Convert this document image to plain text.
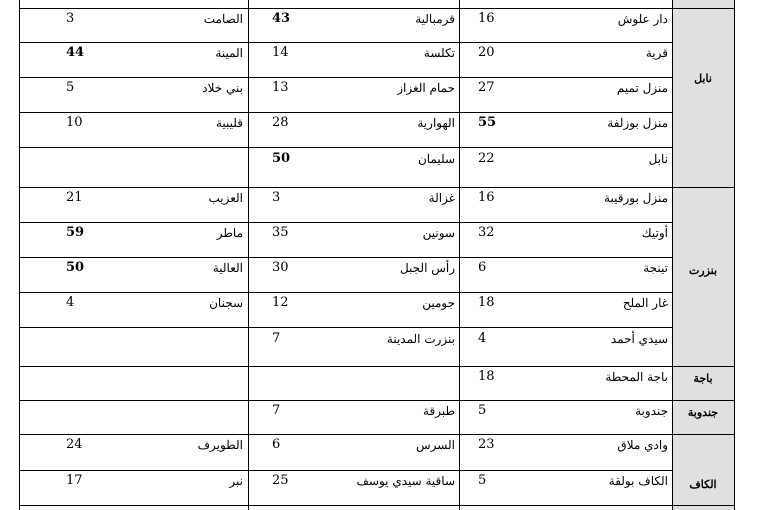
نابل
بنزرت
باجة
جندوبة
الكاف
دار علوش
16
قرمبالية
43
الصامت
3
قرية
20
تكلسة
14
المينة
44
منزل تميم
27
حمام الغزاز
13
بني خلاد
5
منزل بوزلفة
55
الهوارية
28
قليبية
10
نابل
22
سليمان
50
منزل بورقيبة
16
غزالة
3
العزيب
21
أوتيك
32
سونين
35
ماطر
59
تينجة
6
رأس الجبل
30
العالية
50
غار الملح
18
جومين
12
سجنان
4
سيدي أحمد
4
بنزرت المدينة
7
باجة المحطة
18
جندوبة
5
طبرقة
7
وادي ملاق
23
السرس
6
الطويرف
24
الكاف بولقة
5
ساقية سيدي يوسف
25
نبر
17
